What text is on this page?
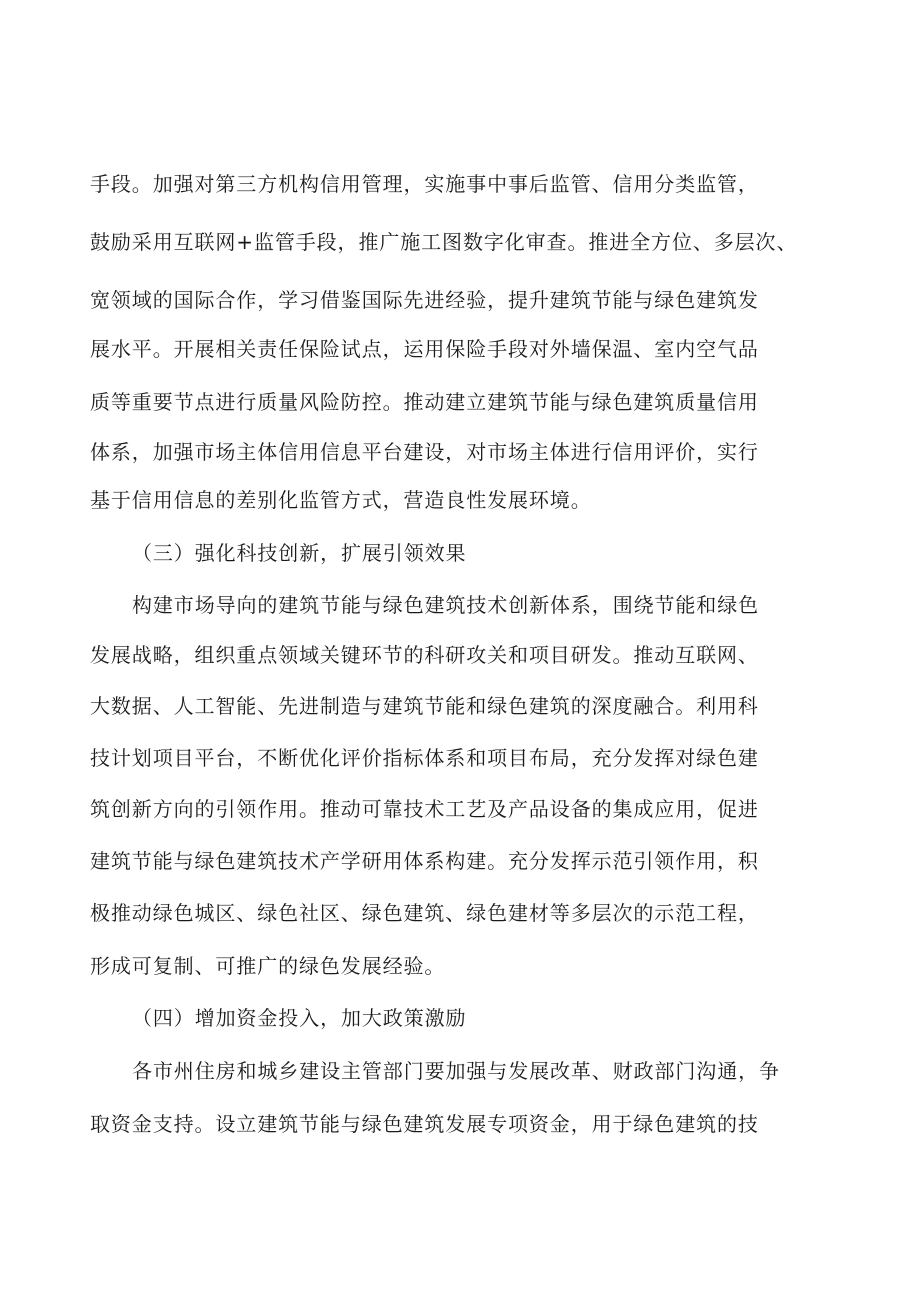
手段。加强对第三方机构信用管理，实施事中事后监管、信用分类监管，
鼓励采用互联网+监管手段，推广施工图数字化审查。推进全方位、多层次、
宽领域的国际合作，学习借鉴国际先进经验，提升建筑节能与绿色建筑发
展水平。开展相关责任保险试点，运用保险手段对外墙保温、室内空气品
质等重要节点进行质量风险防控。推动建立建筑节能与绿色建筑质量信用
体系，加强市场主体信用信息平台建设，对市场主体进行信用评价，实行
基于信用信息的差别化监管方式，营造良性发展环境。
（三）强化科技创新，扩展引领效果
构建市场导向的建筑节能与绿色建筑技术创新体系，围绕节能和绿色
发展战略，组织重点领域关键环节的科研攻关和项目研发。推动互联网、
大数据、人工智能、先进制造与建筑节能和绿色建筑的深度融合。利用科
技计划项目平台，不断优化评价指标体系和项目布局，充分发挥对绿色建
筑创新方向的引领作用。推动可靠技术工艺及产品设备的集成应用，促进
建筑节能与绿色建筑技术产学研用体系构建。充分发挥示范引领作用，积
极推动绿色城区、绿色社区、绿色建筑、绿色建材等多层次的示范工程，
形成可复制、可推广的绿色发展经验。
（四）增加资金投入，加大政策激励
各市州住房和城乡建设主管部门要加强与发展改革、财政部门沟通，争
取资金支持。设立建筑节能与绿色建筑发展专项资金，用于绿色建筑的技
